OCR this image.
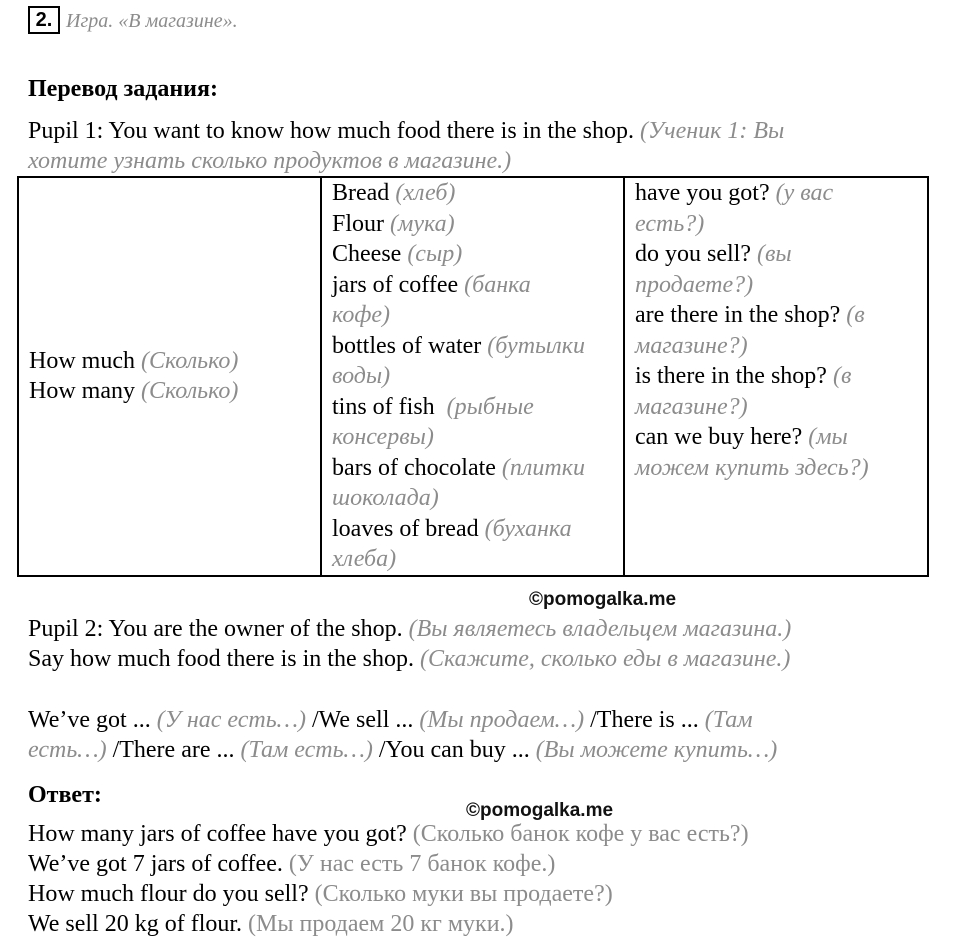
2. Игра. «В магазине».
Перевод задания:
Pupil 1: You want to know how much food there is in the shop. (Ученик 1: Вы
хотите узнать сколько продуктов в магазине.)
How much (Сколько)
How many (Сколько)

Bread (хлеб)
Flour (мука)
Cheese (сыр)
jars of coffee (банка
кофе)
bottles of water (бутылки
воды)
tins of fish (рыбные
консервы)
bars of chocolate (плитки
шоколада)
loaves of bread (буханка
хлеба)

have you got? (у вас
есть?)
do you sell? (вы
продаете?)
are there in the shop? (в
магазине?)
is there in the shop? (в
магазине?)
can we buy here? (мы
можем купить здесь?)
©pomogalka.me
Pupil 2: You are the owner of the shop. (Вы являетесь владельцем магазина.)
Say how much food there is in the shop. (Скажите, сколько еды в магазине.)
We’ve got ... (У нас есть…) /We sell ... (Мы продаем…) /There is ... (Там
есть…) /There are ... (Там есть…) /You can buy ... (Вы можете купить…)
Ответ:
©pomogalka.me
How many jars of coffee have you got? (Сколько банок кофе у вас есть?)
We’ve got 7 jars of coffee. (У нас есть 7 банок кофе.)
How much flour do you sell? (Сколько муки вы продаете?)
We sell 20 kg of flour. (Мы продаем 20 кг муки.)
